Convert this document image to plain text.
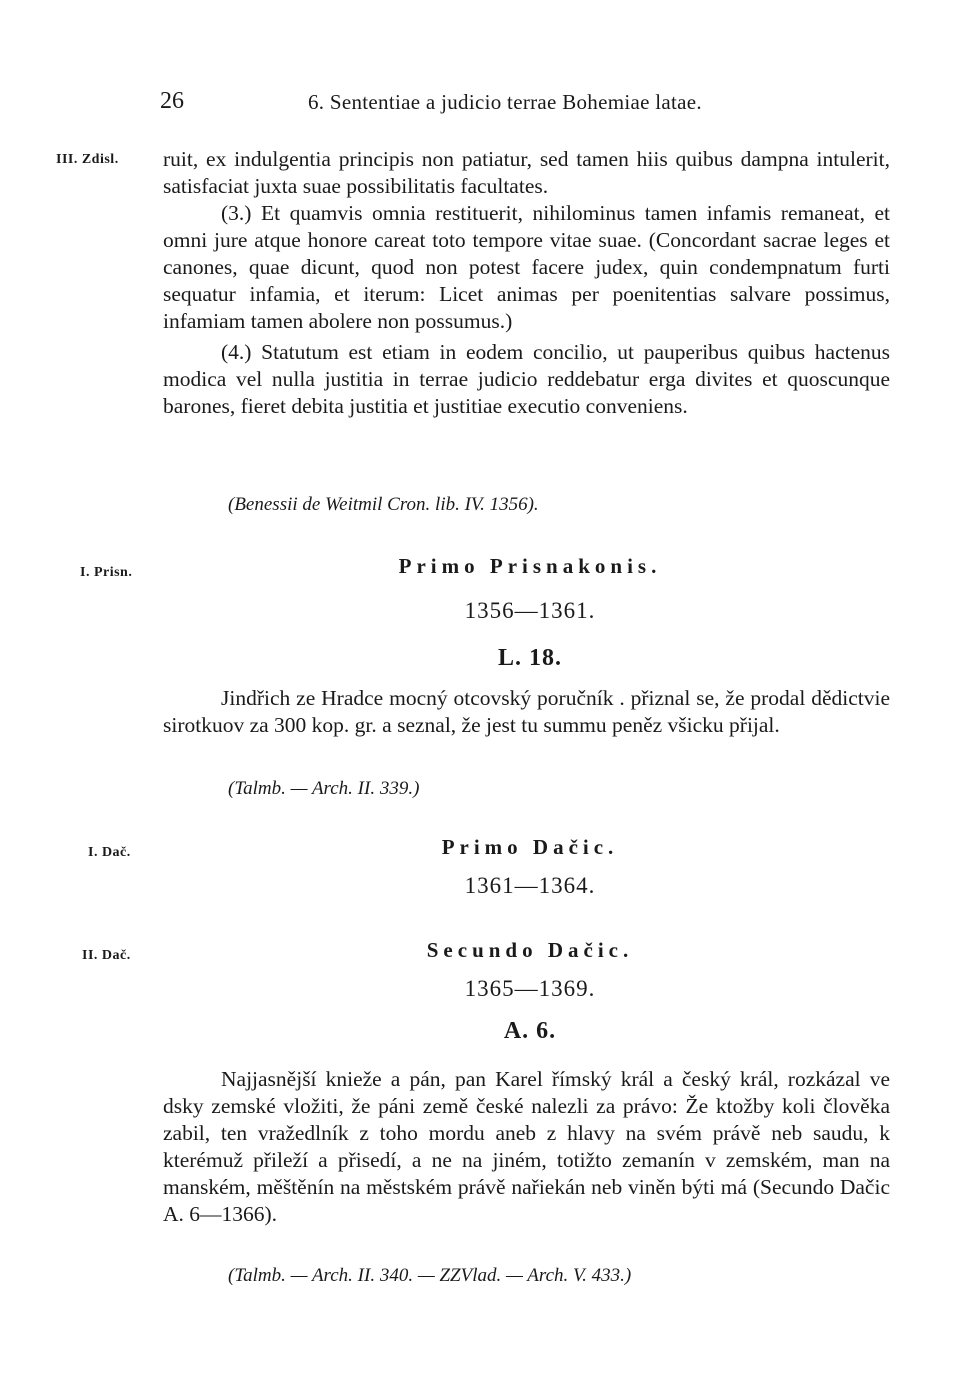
26	6. Sententiae a judicio terrae Bohemiae latae.
III. Zdisl. ruit, ex indulgentia principis non patiatur, sed tamen hiis quibus dampna intulerit, satisfaciat juxta suae possibilitatis facultates.

(3.) Et quamvis omnia restituerit, nihilominus tamen infamis remaneat, et omni jure atque honore careat toto tempore vitae suae. (Concordant sacrae leges et canones, quae dicunt, quod non potest facere judex, quin condempnatum furti sequatur infamia, et iterum: Licet animas per poenitentias salvare possimus, infamiam tamen abolere non possumus.)

(4.) Statutum est etiam in eodem concilio, ut pauperibus quibus hactenus modica vel nulla justitia in terrae judicio reddebatur erga divites et quoscunque barones, fieret debita justitia et justitiae executio conveniens.

(Benessii de Weitmil Cron. lib. IV. 1356).
I. Prisn.	Primo Prisnakonis.
1356—1361.
L. 18.
Jindřich ze Hradce mocný otcovský poručník . přiznal se, že prodal dědictvie sirotkuov za 300 kop. gr. a seznal, že jest tu summu peněz všicku přijal.
(Talmb. — Arch. II. 339.)
I. Dač.	Primo Dačic.
1361—1364.
II. Dač.	Secundo Dačic.
1365—1369.
A. 6.
Najjasnější knieže a pán, pan Karel římský král a český král, rozkázal ve dsky zemské vložiti, že páni země české nalezli za právo: Že ktožby koli člověka zabil, ten vražedlník z toho mordu aneb z hlavy na svém právě neb saudu, k kterémuž přileží a přisedí, a ne na jiném, totižto zemanín v zemském, man na manském, měštěnín na městském právě nařiekán neb viněn býti má (Secundo Dačic A. 6—1366).
(Talmb. — Arch. II. 340. — ZZVlad. — Arch. V. 433.)
